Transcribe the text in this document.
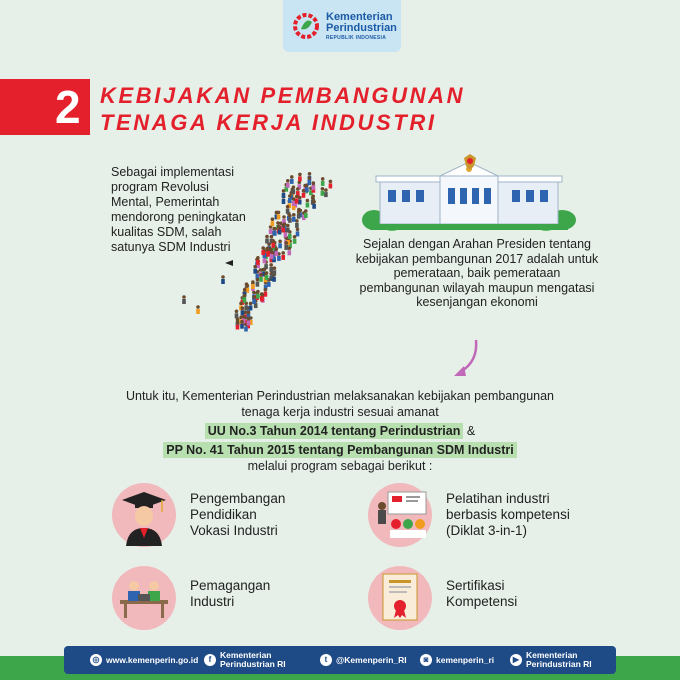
Kementerian
Perindustrian
REPUBLIK INDONESIA
2 KEBIJAKAN PEMBANGUNAN
TENAGA KERJA INDUSTRI
Sebagai implementasi program Revolusi Mental, Pemerintah mendorong peningkatan kualitas SDM, salah satunya SDM Industri	Sejalan dengan Arahan Presiden tentang kebijakan pembangunan 2017 adalah untuk pemerataan, baik pemerataan pembangunan wilayah maupun mengatasi kesenjangan ekonomi
Untuk itu, Kementerian Perindustrian melaksanakan kebijakan pembangunan
tenaga kerja industri sesuai amanat
UU No.3 Tahun 2014 tentang Perindustrian &
PP No. 41 Tahun 2015 tentang Pembangunan SDM Industri
melalui program sebagai berikut :
Pengembangan Pendidikan Vokasi Industri
Pelatihan industri berbasis kompetensi (Diklat 3-in-1)
Pemagangan Industri
Sertifikasi Kompetensi
◎ www.kemenperin.go.id	f	Kementerian Perindustrian RI	t	@Kemenperin_RI	◙ kemenperin_ri	▶ Kementerian Perindustrian RI
